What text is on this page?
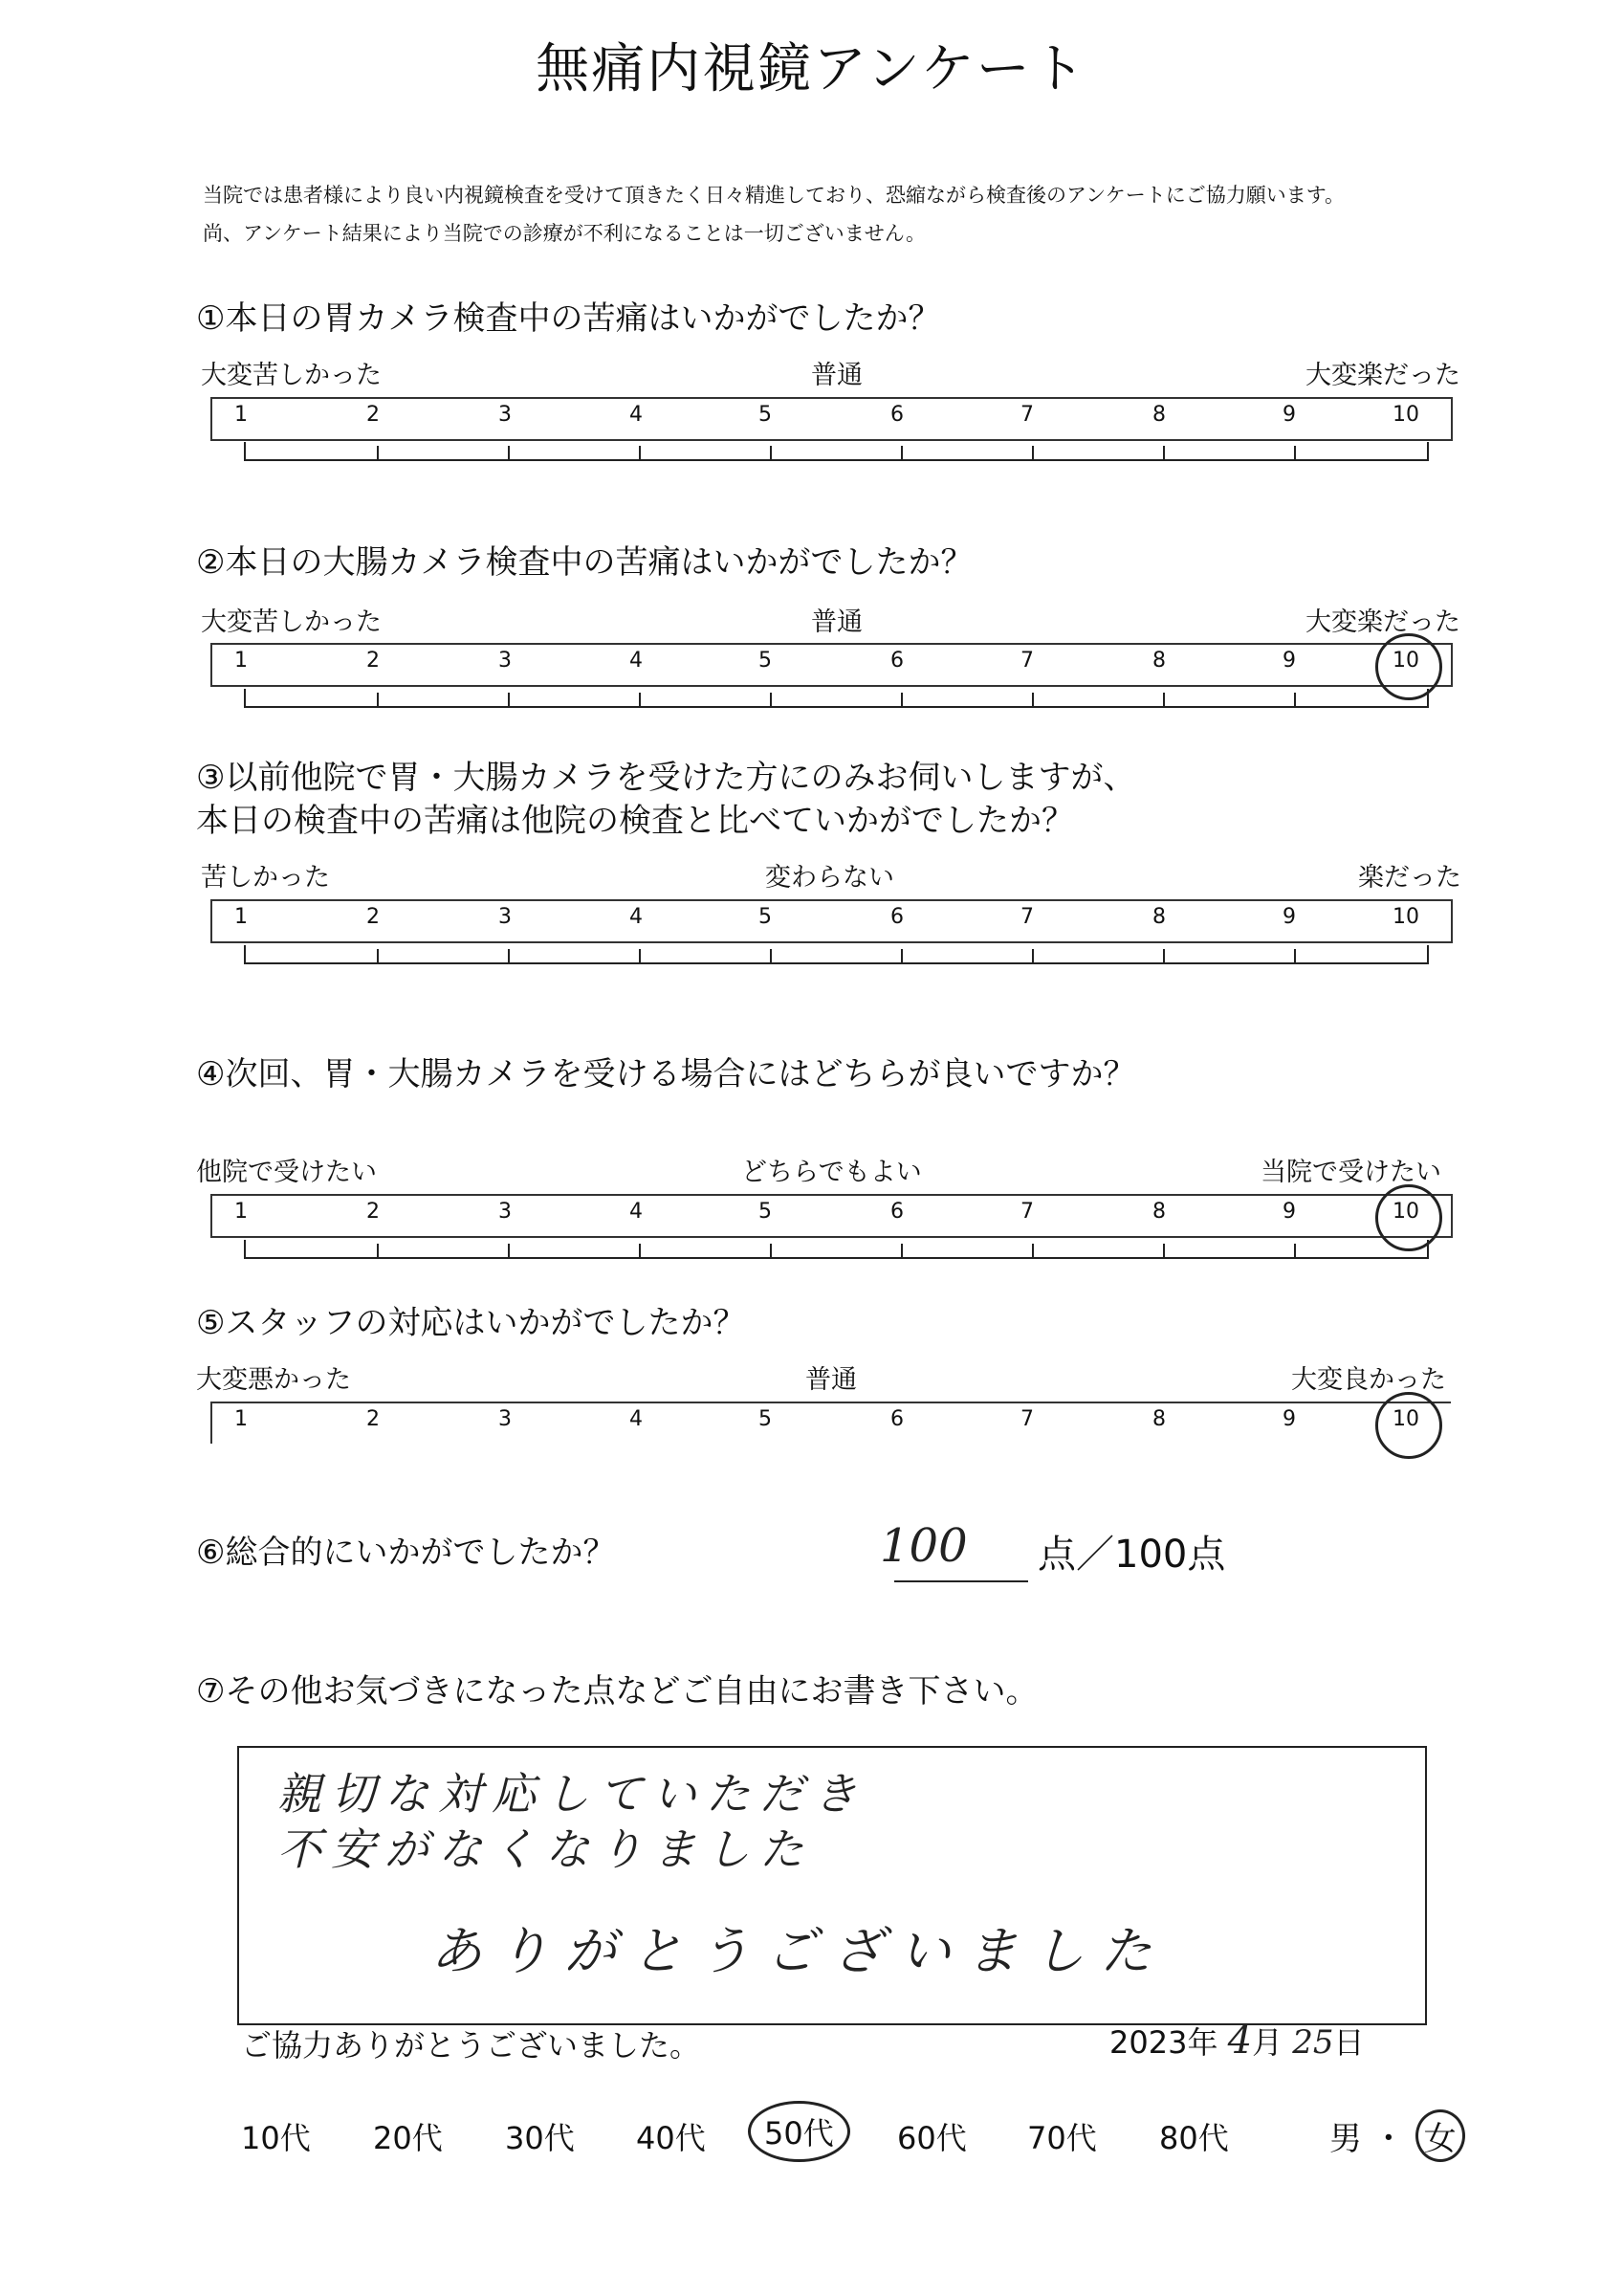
無痛内視鏡アンケート
当院では患者様により良い内視鏡検査を受けて頂きたく日々精進しており、恐縮ながら検査後のアンケートにご協力願います。
尚、アンケート結果により当院での診療が不利になることは一切ございません。
①本日の胃カメラ検査中の苦痛はいかがでしたか？
大変苦しかった	普通	大変楽だった
②本日の大腸カメラ検査中の苦痛はいかがでしたか？
大変苦しかった	普通	大変楽だった
③以前他院で胃・大腸カメラを受けた方にのみお伺いしますが、
本日の検査中の苦痛は他院の検査と比べていかがでしたか？
苦しかった	変わらない	楽だった
④次回、胃・大腸カメラを受ける場合にはどちらが良いですか？
他院で受けたい	どちらでもよい	当院で受けたい
⑤スタッフの対応はいかがでしたか？
大変悪かった	普通	大変良かった
⑥総合的にいかがでしたか？	100 点／100点
⑦その他お気づきになった点などご自由にお書き下さい。
親切な対応していただき
不安がなくなりました
ありがとうございました
ご協力ありがとうございました。	2023年 4月 25日
10代 20代 30代 40代	50代	60代 70代 80代	男 ・ 女
1	2	3	4	5	6	7	8	9	10
1	2	3	4	5	6	7	8	9	10
1	2	3	4	5	6	7	8	9	10
1	2	3	4	5	6	7	8	9	10
1	2	3	4	5	6	7	8	9	10
